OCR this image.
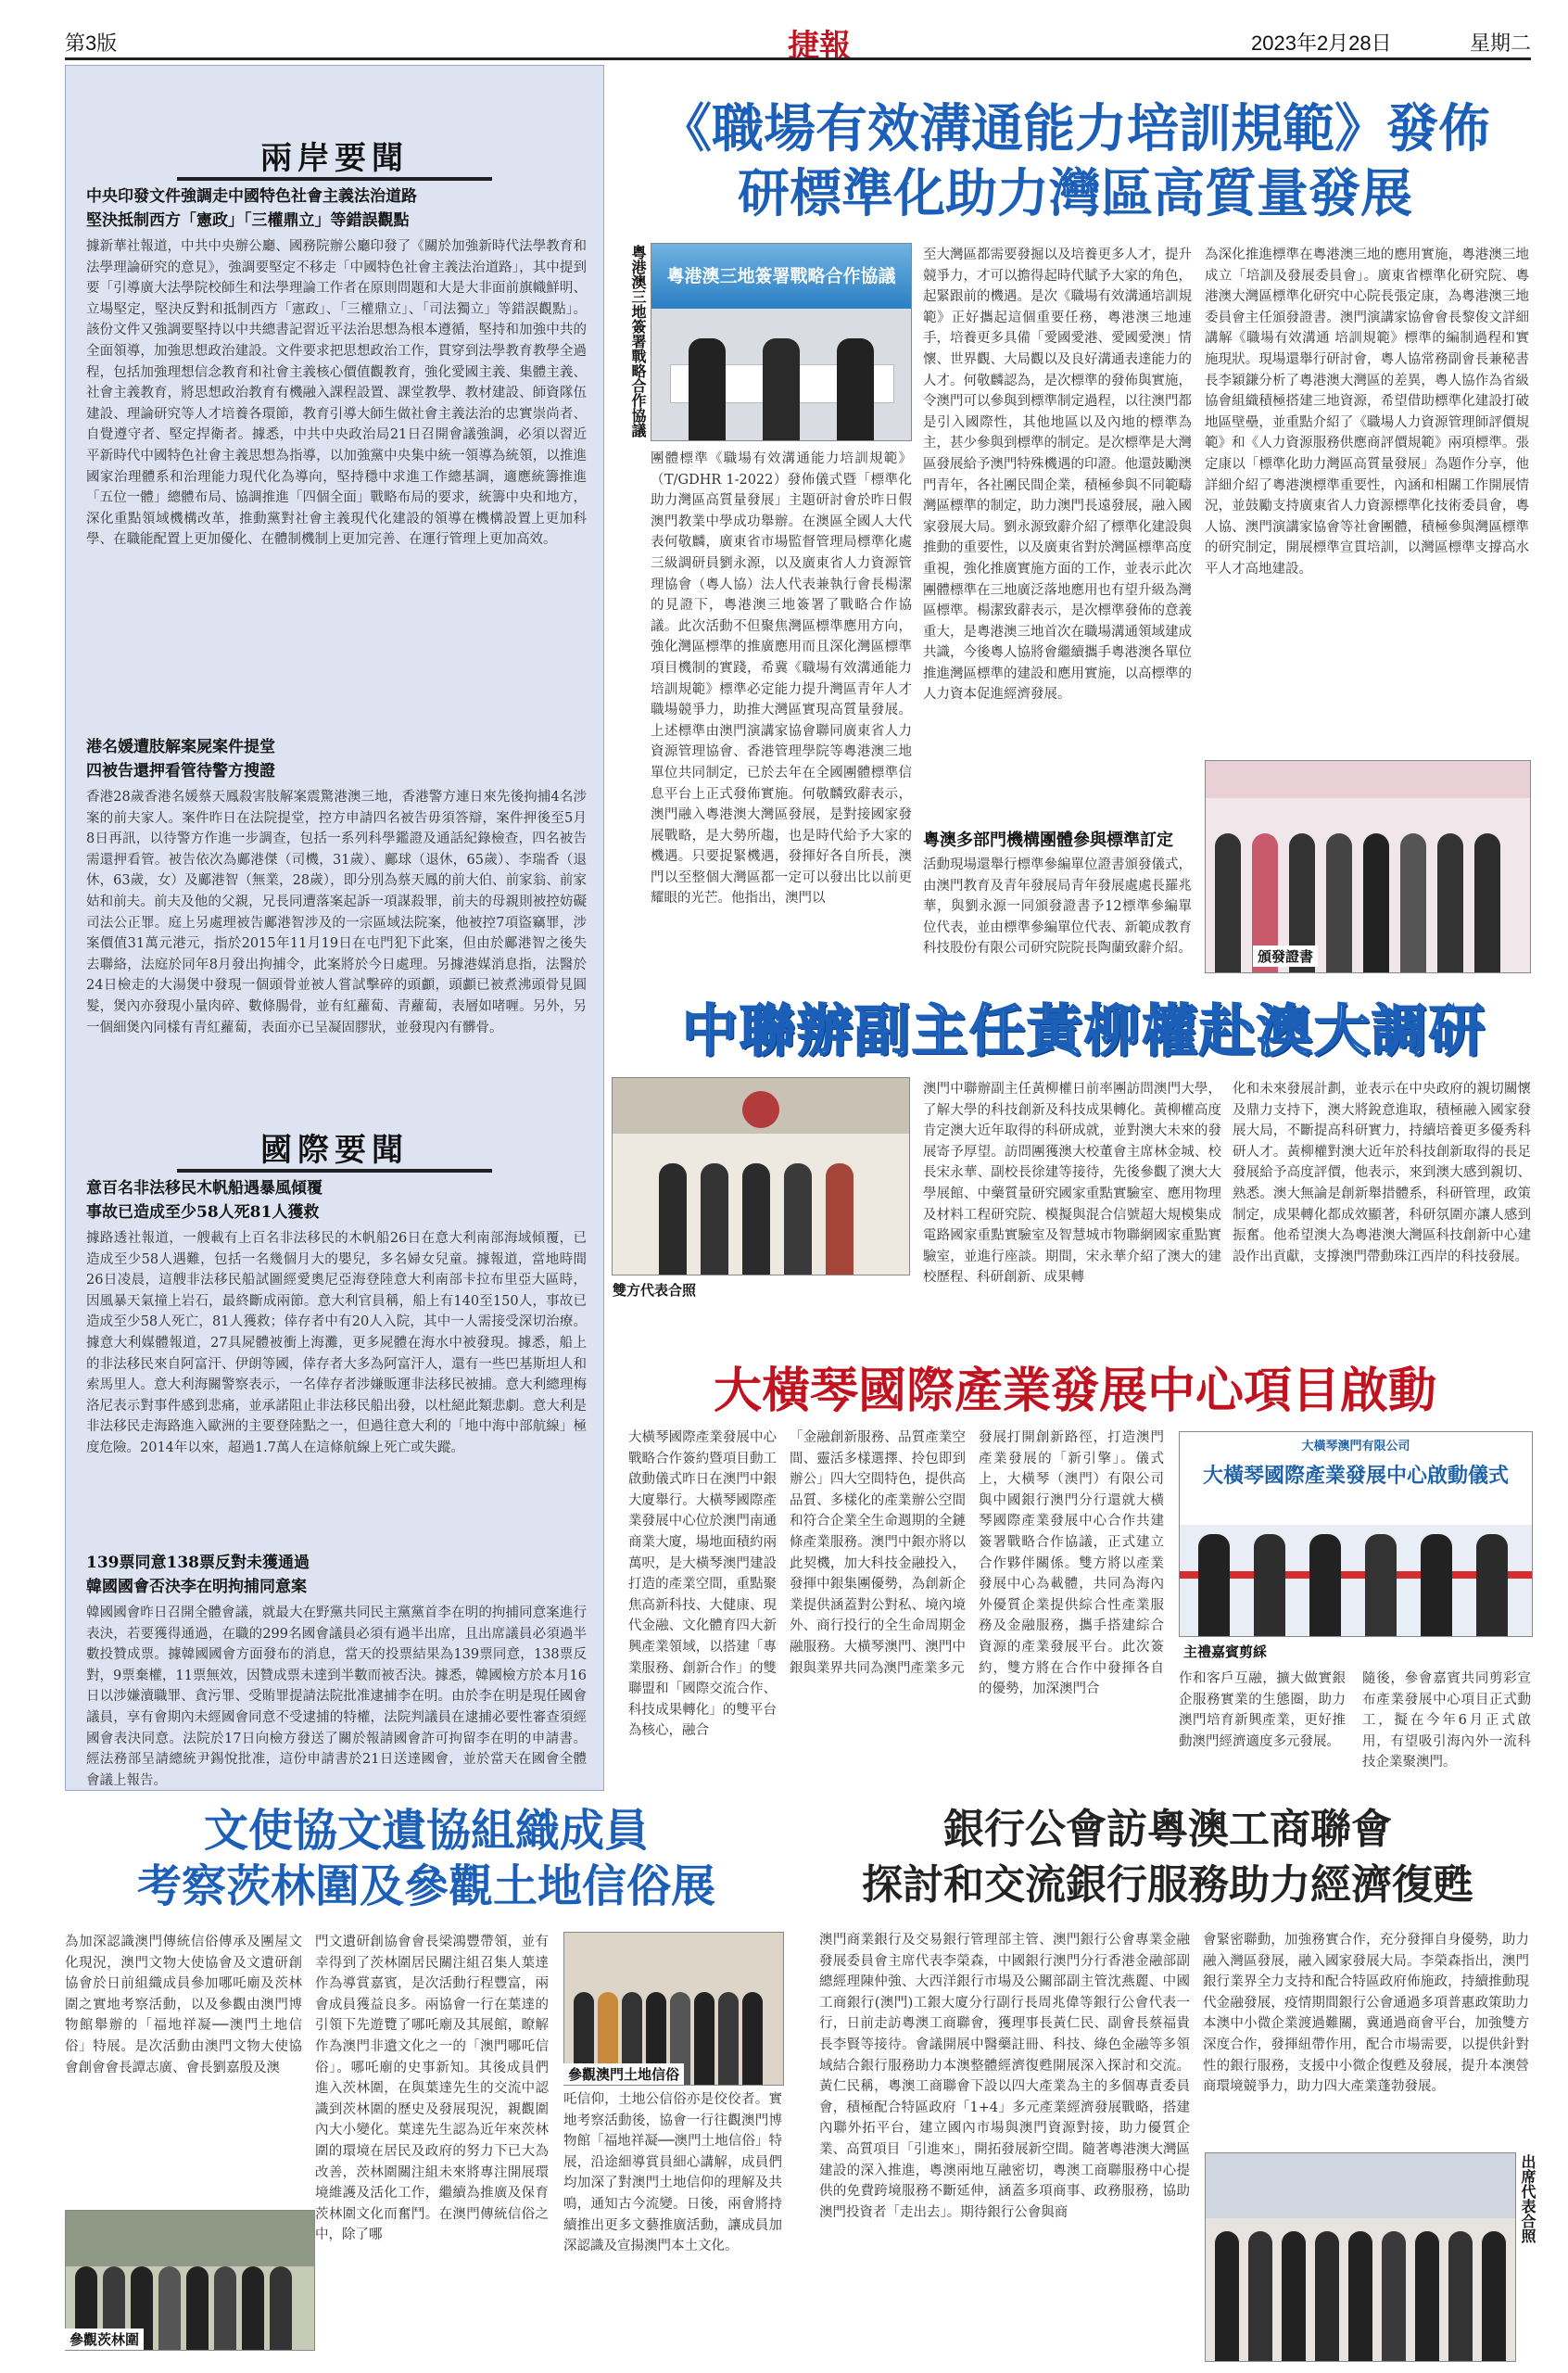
第3版	捷報	2023年2月28日	星期二
兩岸要聞
中央印發文件強調走中國特色社會主義法治道路
堅決抵制西方「憲政」「三權鼎立」等錯誤觀點
據新華社報道，中共中央辦公廳、國務院辦公廳印發了《關於加強新時代法學教育和法學理論研究的意見》，強調要堅定不移走「中國特色社會主義法治道路」，其中提到要「引導廣大法學院校師生和法學理論工作者在原則問題和大是大非面前旗幟鮮明、立場堅定，堅決反對和抵制西方「憲政」、「三權鼎立」、「司法獨立」等錯誤觀點」。該份文件又強調要堅持以中共總書記習近平法治思想為根本遵循，堅持和加強中共的全面領導，加強思想政治建設。文件要求把思想政治工作，貫穿到法學教育教學全過程，包括加強理想信念教育和社會主義核心價值觀教育，強化愛國主義、集體主義、社會主義教育，將思想政治教育有機融入課程設置、課堂教學、教材建設、師資隊伍建設、理論研究等人才培養各環節，教育引導大師生做社會主義法治的忠實崇尚者、自覺遵守者、堅定捍衛者。據悉，中共中央政治局21日召開會議強調，必須以習近平新時代中國特色社會主義思想為指導，以加強黨中央集中統一領導為統領，以推進國家治理體系和治理能力現代化為導向，堅持穩中求進工作總基調，適應統籌推進「五位一體」總體布局、協調推進「四個全面」戰略布局的要求，統籌中央和地方，深化重點領域機構改革，推動黨對社會主義現代化建設的領導在機構設置上更加科學、在職能配置上更加優化、在體制機制上更加完善、在運行管理上更加高效。
港名媛遭肢解案屍案件提堂
四被告還押看管待警方搜證
香港28歲香港名媛蔡天鳳殺害肢解案震驚港澳三地，香港警方連日來先後拘捕4名涉案的前夫家人。案件昨日在法院提堂，控方申請四名被告毋須答辯，案件押後至5月8日再訊，以待警方作進一步調查，包括一系列科學鑑證及通話紀錄檢查，四名被告需還押看管。被告依次為鄺港傑（司機，31歲）、鄺球（退休，65歲）、李瑞香（退休，63歲，女）及鄺港智（無業，28歲），即分別為蔡天鳳的前大伯、前家翁、前家姑和前夫。前夫及他的父親，兄長同遭落案起訴一項謀殺罪，前夫的母親則被控妨礙司法公正罪。庭上另處理被告鄺港智涉及的一宗區域法院案，他被控7項盜竊罪，涉案價值31萬元港元，指於2015年11月19日在屯門犯下此案，但由於鄺港智之後失去聯絡，法庭於同年8月發出拘捕令，此案將於今日處理。另據港媒消息指，法醫於24日檢走的大湯煲中發現一個頭骨並被人嘗試擊碎的頭顱，頭顱已被煮沸頭骨見圓髮，煲內亦發現小量肉碎、數條腸骨，並有紅蘿蔔、青蘿蔔，表層如啫喱。另外，另一個細煲內同樣有青紅蘿蔔，表面亦已呈凝固膠狀，並發現內有髒骨。
國際要聞
意百名非法移民木帆船遇暴風傾覆
事故已造成至少58人死81人獲救
據路透社報道，一艘載有上百名非法移民的木帆船26日在意大利南部海域傾覆，已造成至少58人遇難，包括一名幾個月大的嬰兒，多名婦女兒童。據報道，當地時間26日凌晨，這艘非法移民船試圖經愛奧尼亞海登陸意大利南部卡拉布里亞大區時，因風暴天氣撞上岩石，最終斷成兩節。意大利官員稱，船上有140至150人，事故已造成至少58人死亡，81人獲救；倖存者中有20人入院，其中一人需接受深切治療。據意大利媒體報道，27具屍體被衝上海灘，更多屍體在海水中被發現。據悉，船上的非法移民來自阿富汗、伊朗等國，倖存者大多為阿富汗人，還有一些巴基斯坦人和索馬里人。意大利海關警察表示，一名倖存者涉嫌販運非法移民被捕。意大利總理梅洛尼表示對事件感到悲痛，並承諾阻止非法移民船出發，以杜絕此類悲劇。意大利是非法移民走海路進入歐洲的主要登陸點之一，但過往意大利的「地中海中部航線」極度危險。2014年以來，超過1.7萬人在這條航線上死亡或失蹤。
139票同意138票反對未獲通過
韓國國會否決李在明拘捕同意案
韓國國會昨日召開全體會議，就最大在野黨共同民主黨黨首李在明的拘捕同意案進行表決，若要獲得通過，在職的299名國會議員必須有過半出席，且出席議員必須過半數投贊成票。據韓國國會方面發布的消息，當天的投票結果為139票同意，138票反對，9票棄權，11票無效，因贊成票未達到半數而被否決。據悉，韓國檢方於本月16日以涉嫌瀆職罪、貪污罪、受賄罪提請法院批准逮捕李在明。由於李在明是現任國會議員，享有會期內未經國會同意不受逮捕的特權，法院判議員在逮捕必要性審查須經國會表決同意。法院於17日向檢方發送了關於報請國會許可拘留李在明的申請書。經法務部呈請總統尹錫悅批准，這份申請書於21日送達國會，並於當天在國會全體會議上報告。
《職場有效溝通能力培訓規範》發佈
研標準化助力灣區高質量發展
粵港澳三地簽署戰略合作協議	粵港澳三地簽署戰略合作協議
團體標準《職場有效溝通能力培訓規範》（T/GDHR 1-2022）發佈儀式暨「標準化助力灣區高質量發展」主題研討會於昨日假澳門教業中學成功舉辦。在澳區全國人大代表何敬麟，廣東省市場監督管理局標準化處三級調研員劉永源，以及廣東省人力資源管理協會（粵人協）法人代表兼執行會長楊潔的見證下，粵港澳三地簽署了戰略合作協議。此次活動不但聚焦灣區標準應用方向，強化灣區標準的推廣應用而且深化灣區標準項目機制的實踐，希冀《職場有效溝通能力培訓規範》標準必定能力提升灣區青年人才職場競爭力，助推大灣區實現高質量發展。上述標準由澳門演講家協會聯同廣東省人力資源管理協會、香港管理學院等粵港澳三地單位共同制定，已於去年在全國團體標準信息平台上正式發佈實施。何敬麟致辭表示，澳門融入粵港澳大灣區發展，是對接國家發展戰略，是大勢所趨，也是時代給予大家的機遇。只要捉緊機遇，發揮好各自所長，澳門以至整個大灣區都一定可以發出比以前更耀眼的光芒。他指出，澳門以
至大灣區都需要發掘以及培養更多人才，提升競爭力，才可以擔得起時代賦予大家的角色，起緊跟前的機遇。是次《職場有效溝通培訓規範》正好攜起這個重要任務，粵港澳三地連手，培養更多具備「愛國愛港、愛國愛澳」情懷、世界觀、大局觀以及良好溝通表達能力的人才。何敬麟認為，是次標準的發佈與實施，令澳門可以參與到標準制定過程，以往澳門都是引入國際性，其他地區以及內地的標準為主，甚少參與到標準的制定。是次標準是大灣區發展給予澳門特殊機遇的印證。他還鼓勵澳門青年，各社團民間企業，積極參與不同範疇灣區標準的制定，助力澳門長遠發展，融入國家發展大局。劉永源致辭介紹了標準化建設與推動的重要性，以及廣東省對於灣區標準高度重視，強化推廣實施方面的工作，並表示此次團體標準在三地廣泛落地應用也有望升級為灣區標準。楊潔致辭表示，是次標準發佈的意義重大，是粵港澳三地首次在職場溝通領域建成共識，今後粵人協將會繼續攜手粵港澳各單位推進灣區標準的建設和應用實施，以高標準的人力資本促進經濟發展。
粵澳多部門機構團體參與標準訂定
活動現場還舉行標準參編單位證書頒發儀式，由澳門教育及青年發展局青年發展處處長羅兆華，與劉永源一同頒發證書予12標準參編單位代表，並由標準參編單位代表、新範成教育科技股份有限公司研究院院長陶蘭致辭介紹。
為深化推進標準在粵港澳三地的應用實施，粵港澳三地成立「培訓及發展委員會」。廣東省標準化研究院、粵港澳大灣區標準化研究中心院長張定康，為粵港澳三地委員會主任頒發證書。澳門演講家協會會長黎俊文詳細講解《職場有效溝通 培訓規範》標準的編制過程和實施現狀。現場還舉行研討會，粵人協常務副會長兼秘書長李穎鎌分析了粵港澳大灣區的差異，粵人協作為省級協會組織積極搭建三地資源，希望借助標準化建設打破地區壁壘，並重點介紹了《職場人力資源管理師評價規範》和《人力資源服務供應商評價規範》兩項標準。張定康以「標準化助力灣區高質量發展」為題作分享，他詳細介紹了粵港澳標準重要性，內涵和相關工作開展情況，並鼓勵支持廣東省人力資源標準化技術委員會，粵人協、澳門演講家協會等社會團體，積極參與灣區標準的研究制定，開展標準宣貫培訓，以灣區標準支撐高水平人才高地建設。
頒發證書
中聯辦副主任黃柳權赴澳大調研
雙方代表合照
澳門中聯辦副主任黃柳權日前率團訪問澳門大學，了解大學的科技創新及科技成果轉化。黃柳權高度肯定澳大近年取得的科研成就，並對澳大未來的發展寄予厚望。訪問團獲澳大校董會主席林金城、校長宋永華、副校長徐建等接待，先後參觀了澳大大學展館、中藥質量研究國家重點實驗室、應用物理及材料工程研究院、模擬與混合信號超大規模集成電路國家重點實驗室及智慧城市物聯網國家重點實驗室，並進行座談。期間，宋永華介紹了澳大的建校歷程、科研創新、成果轉
化和未來發展計劃，並表示在中央政府的親切關懷及鼎力支持下，澳大將銳意進取，積極融入國家發展大局，不斷提高科研實力，持續培養更多優秀科研人才。黃柳權對澳大近年於科技創新取得的長足發展給予高度評價，他表示，來到澳大感到親切、熟悉。澳大無論是創新舉措體系，科研管理，政策制定，成果轉化都成效顯著，科研氛圍亦讓人感到振奮。他希望澳大為粵港澳大灣區科技創新中心建設作出貢獻，支撐澳門帶動珠江西岸的科技發展。
大橫琴國際產業發展中心項目啟動
大橫琴國際產業發展中心戰略合作簽約暨項目動工啟動儀式昨日在澳門中銀大廈舉行。大橫琴國際產業發展中心位於澳門南通商業大廈，場地面積約兩萬呎，是大橫琴澳門建設打造的產業空間，重點聚焦高新科技、大健康、現代金融、文化體育四大新興產業領域，以搭建「專業服務、創新合作」的雙聯盟和「國際交流合作、科技成果轉化」的雙平台為核心，融合
「金融創新服務、品質產業空間、靈活多樣選擇、拎包即到辦公」四大空間特色，提供高品質、多樣化的產業辦公空間和符合企業全生命週期的全鏈條產業服務。澳門中銀亦將以此契機，加大科技金融投入，發揮中銀集團優勢，為創新企業提供涵蓋對公對私、境內境外、商行投行的全生命周期金融服務。大橫琴澳門、澳門中銀與業界共同為澳門產業多元
發展打開創新路徑，打造澳門產業發展的「新引擎」。儀式上，大橫琴（澳門）有限公司與中國銀行澳門分行還就大橫琴國際產業發展中心合作共建簽署戰略合作協議，正式建立合作夥伴關係。雙方將以產業發展中心為載體，共同為海內外優質企業提供綜合性產業服務及金融服務，攜手搭建綜合資源的產業發展平台。此次簽約，雙方將在合作中發揮各自的優勢，加深澳門合
大橫琴澳門有限公司
大橫琴國際產業發展中心啟動儀式
主禮嘉賓剪綵
作和客戶互融，擴大做實銀企服務實業的生態圈，助力澳門培育新興產業，更好推動澳門經濟適度多元發展。
隨後，參會嘉賓共同剪彩宣布產業發展中心項目正式動工，擬在今年6月正式啟用，有望吸引海內外一流科技企業聚澳門。
文使協文遺協組織成員
考察茨林圍及參觀土地信俗展
為加深認識澳門傳統信俗傳承及團屋文化現況，澳門文物大使協會及文遺研創協會於日前組織成員參加哪吒廟及茨林圍之實地考察活動，以及參觀由澳門博物館舉辦的「福地祥凝──澳門土地信俗」特展。是次活動由澳門文物大使協會創會會長譚志廣、會長劉嘉殷及澳
參觀茨林圍
門文遺研創協會會長梁鴻豐帶領，並有幸得到了茨林圍居民關注組召集人葉達作為導賞嘉賓，是次活動行程豐富，兩會成員獲益良多。兩協會一行在葉達的引領下先遊覽了哪吒廟及其展館，瞭解作為澳門非遺文化之一的「澳門哪吒信俗」。哪吒廟的史事新知。其後成員們進入茨林圍，在與葉達先生的交流中認識到茨林圍的歷史及發展現況，親觀圍內大小變化。葉達先生認為近年來茨林圍的環境在居民及政府的努力下已大為改善，茨林圍關注組未來將專注開展環境維護及活化工作，繼續為推廣及保育茨林圍文化而奮鬥。在澳門傳統信俗之中，除了哪
參觀澳門土地信俗
吒信仰，土地公信俗亦是佼佼者。實地考察活動後，協會一行往觀澳門博物館「福地祥凝──澳門土地信俗」特展，沿途細導賞員細心講解，成員們均加深了對澳門土地信仰的理解及共鳴，通知古今流變。日後，兩會將持續推出更多文藝推廣活動，讓成員加深認識及宣揚澳門本土文化。
銀行公會訪粵澳工商聯會
探討和交流銀行服務助力經濟復甦
澳門商業銀行及交易銀行管理部主管、澳門銀行公會專業金融發展委員會主席代表李榮森，中國銀行澳門分行香港金融部副總經理陳仲強、大西洋銀行市場及公關部副主管沈燕麗、中國工商銀行(澳門)工銀大廈分行副行長周兆偉等銀行公會代表一行，日前走訪粵澳工商聯會，獲理事長黃仁民、副會長蔡福貴長李賢等接待。會議開展中醫藥註冊、科技、綠色金融等多領域結合銀行服務助力本澳整體經濟復甦開展深入探討和交流。黃仁民稱，粵澳工商聯會下設以四大產業為主的多個專責委員會，積極配合特區政府「1+4」多元產業經濟發展戰略，搭建內聯外拓平台，建立國內市場與澳門資源對接，助力優質企業、高質項目「引進來」，開拓發展新空間。隨著粵港澳大灣區建設的深入推進，粵澳兩地互融密切，粵澳工商聯服務中心提供的免費跨境服務不斷延伸，涵蓋多項商事、政務服務，協助澳門投資者「走出去」。期待銀行公會與商
會緊密聯動，加強務實合作，充分發揮自身優勢，助力融入灣區發展，融入國家發展大局。李榮森指出，澳門銀行業界全力支持和配合特區政府佈施政，持續推動現代金融發展，疫情期間銀行公會通過多項普惠政策助力本澳中小微企業渡過難關，冀通過商會平台，加強雙方深度合作，發揮紐帶作用，配合市場需要，以提供針對性的銀行服務，支援中小微企復甦及發展，提升本澳營商環境競爭力，助力四大產業蓬勃發展。
出席代表合照
